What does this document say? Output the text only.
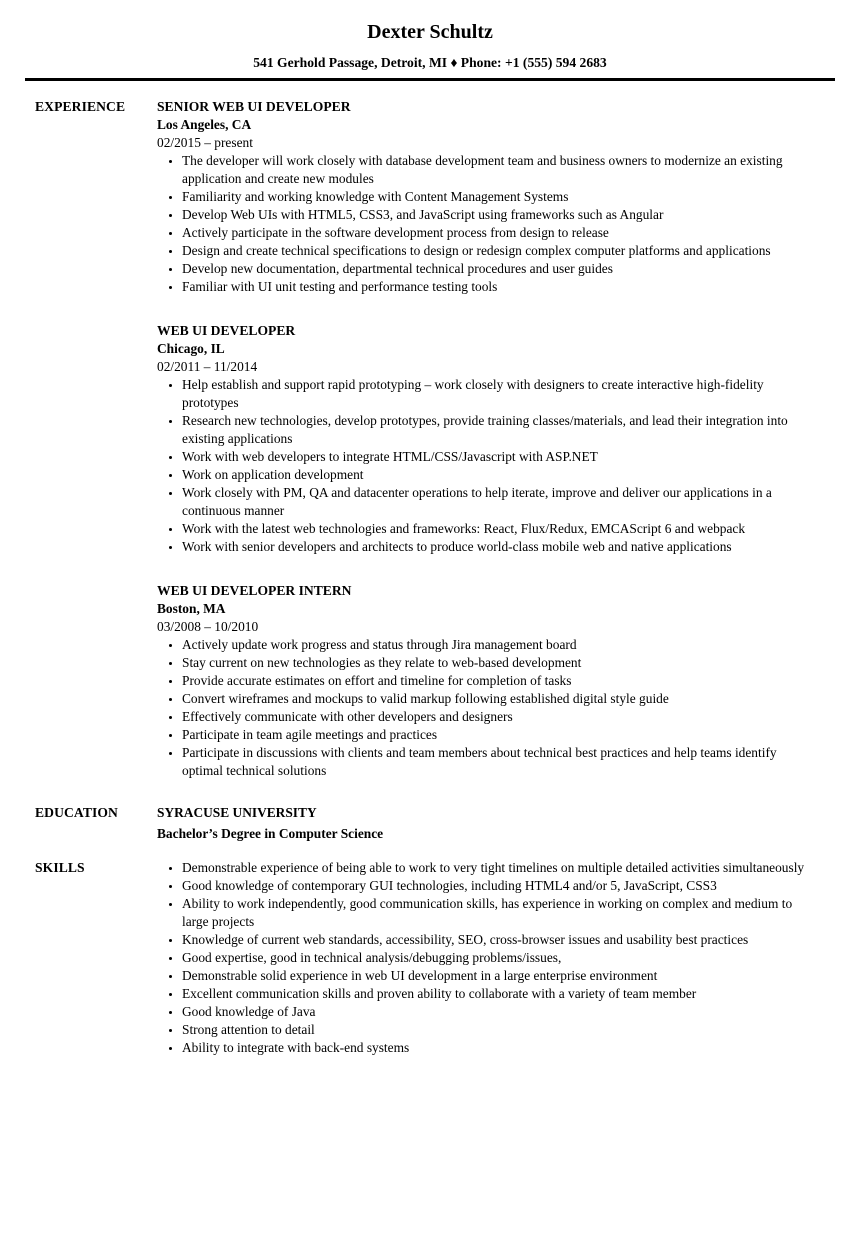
Dexter Schultz
541 Gerhold Passage, Detroit, MI ♦ Phone: +1 (555) 594 2683
EXPERIENCE	SENIOR WEB UI DEVELOPER
Los Angeles, CA
02/2015 – present
• The developer will work closely with database development team and business owners to modernize an existing application and create new modules
• Familiarity and working knowledge with Content Management Systems
• Develop Web UIs with HTML5, CSS3, and JavaScript using frameworks such as Angular
• Actively participate in the software development process from design to release
• Design and create technical specifications to design or redesign complex computer platforms and applications
• Develop new documentation, departmental technical procedures and user guides
• Familiar with UI unit testing and performance testing tools
WEB UI DEVELOPER
Chicago, IL
02/2011 – 11/2014
• Help establish and support rapid prototyping – work closely with designers to create interactive high-fidelity prototypes
• Research new technologies, develop prototypes, provide training classes/materials, and lead their integration into existing applications
• Work with web developers to integrate HTML/CSS/Javascript with ASP.NET
• Work on application development
• Work closely with PM, QA and datacenter operations to help iterate, improve and deliver our applications in a continuous manner
• Work with the latest web technologies and frameworks: React, Flux/Redux, EMCAScript 6 and webpack
• Work with senior developers and architects to produce world-class mobile web and native applications
WEB UI DEVELOPER INTERN
Boston, MA
03/2008 – 10/2010
• Actively update work progress and status through Jira management board
• Stay current on new technologies as they relate to web-based development
• Provide accurate estimates on effort and timeline for completion of tasks
• Convert wireframes and mockups to valid markup following established digital style guide
• Effectively communicate with other developers and designers
• Participate in team agile meetings and practices
• Participate in discussions with clients and team members about technical best practices and help teams identify optimal technical solutions
EDUCATION	SYRACUSE UNIVERSITY
Bachelor’s Degree in Computer Science
SKILLS	• Demonstrable experience of being able to work to very tight timelines on multiple detailed activities simultaneously
• Good knowledge of contemporary GUI technologies, including HTML4 and/or 5, JavaScript, CSS3
• Ability to work independently, good communication skills, has experience in working on complex and medium to large projects
• Knowledge of current web standards, accessibility, SEO, cross-browser issues and usability best practices
• Good expertise, good in technical analysis/debugging problems/issues,
• Demonstrable solid experience in web UI development in a large enterprise environment
• Excellent communication skills and proven ability to collaborate with a variety of team member
• Good knowledge of Java
• Strong attention to detail
• Ability to integrate with back-end systems
